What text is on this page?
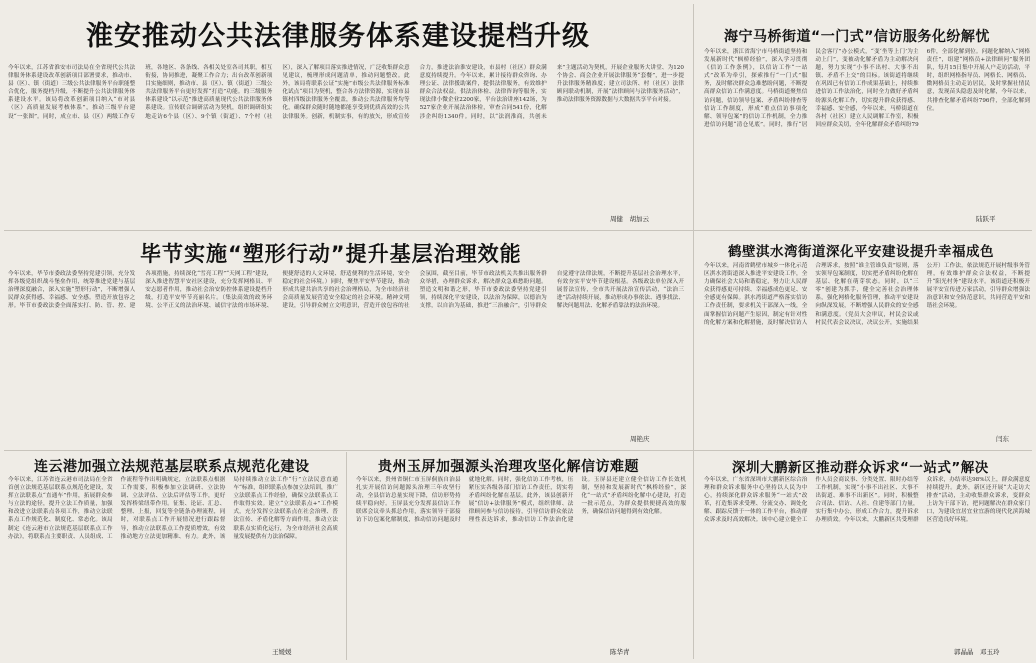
淮安推动公共法律服务体系建设提档升级
今年以来，江苏省淮安市司法局在全省现代公共法律服务体系建设改革创新项目部署要求，推动市、县（区）、镇（街道）三级公共法律服务平台职能整合优化，服务提档升级，不断提升公共法律服务体系建设水平。该局将改革创新项目纳入“市对县（区）高质量发展考核体系”，推动三级平台建设“一张图”。同时，成立市、县（区）两级工作专班，各地区、各条线、各相关处室各司其职，相互衔接，协同推进，凝聚工作合力；出台改革创新项目实施细则，推动市、县（区）、镇（街道）三级公共法律服务平台更好发挥“打造”功能。的三级服务体系建设“以示范”推进高质量现代公共法律服务体系建设。宣传联合调研活动为契机，组织调研组实地走访6个县（区）、9个镇（街道）、7个村（社区），深入了解项目落实推进情况，广泛收集群众意见建议，梳理形成问题清单，推动问题整改。此外，该局将联系公证“实施”市级公共法律服务标准化试点“项目为契机，整合各方法律资源，实现市县镇村四级法律服务全覆盖，推动公共法律服务均等化，确保群众随时随地都能享受到优质高效的公共法律服务。创新，机制实事，有的放矢，形成宣传合力，推进法治淮安建设，市县村（社区）群众满意度持续提升。今年以来，累计接待群众咨询、办理公证、法律援助案件，提供法律服务，有效维护群众合法权益。供法治体检、法律咨询等服务，实现法律小微企业2200家，平台法治讲座142场，为527家企业开展法治体检，审查合同541份，化解涉企纠纷1340件。同时，以“法润淮商，共创未来”主题活动为契机，开展企业服务大讲堂、为120个协会、商会企业开展法律服务“套餐”，进一步提升法律服务精准度；建立司法所、村（社区）法律顾问联动机制，开展“法律顾问与法律服务活动”，推动法律服务资源数据与大数据共享平台对接。
周健　胡加云
海宁马桥街道“一门式”信访服务化纷解忧
今年以来，浙江省海宁市马桥街道坚持和发展新时代“枫桥经验”，深入学习贯彻《信访工作条例》，以信访工作“一站式”改革为牵引，探索推行“一门式”服务，及时解决群众急难愁盼问题，不断提高群众信访工作满意度。马桥街道聚焦信访问题，信访领导包案、矛盾纠纷排查等信访工作制度，形成“重点信访事项化解、领导包案”的信访工作机制，全力推进信访问题“清仓见底”。同时，推行“居民会客厅”办公模式，“变‘坐等上门’为主动上门”，变被动化解矛盾为主动解决问题，努力实现“小事不出村、大事不出镇、矛盾不上交”的目标。该街道将继续在巩固已有信访工作成果基础上，持续推进信访工作法治化，同时全力做好矛盾纠纷源头化解工作，切实提升群众获得感、幸福感、安全感，今年以来，马桥街道在各村（社区）建立人民调解工作室，积极回应群众关切，全年化解群众矛盾纠纷796件，全部化解到位。问题化解纳入“网格责任”，组建“网格员+法律顾问”服务团队，每月15日集中开展人户走访活动，平时，组织网格指导员、网格长、网格员、微网格员主动走访居民，及时掌握社情民意，发现苗头隐患及时化解，今年以来，共排查化解矛盾纠纷796件，全部化解到位。
陆跃平
毕节实施“塑形行动”提升基层治理效能
今年以来，毕节市委政法委坚持党建引领，充分发挥各级党组织战斗堡垒作用，统筹推进党建与基层治理深度融合，深入实施“塑形行动”，不断增强人民群众获得感、幸福感、安全感。塑造开放包容之形。毕节市委政法委全面落实打、防、管、控、建各项措施，持续深化“雪亮工程”“天网工程”建设，深入推进智慧平安社区建设，充分发挥网格员、平安志愿者作用，推动社会治安防控体系建设提档升级，打造平安毕节亮丽名片。（集法高效的政务环境、公平正义的法治环境、诚信守法的市场环境、便捷舒适的人文环境、舒适便利的生活环境，安全稳定的社会环境。）同时，聚焦平安毕节建设，推动形成共建共治共享的社会治理格局，为全市经济社会高质量发展营造安全稳定的社会环境。精神文明建设，引导群众树立文明意识，营造开放包容的社会氛围，截至目前，毕节市政法机关共推出服务群众举措，办理群众诉求，解决群众急难愁盼问题。塑造文明和谐之形，毕节市委政法委坚持党建引领，持续深化平安建设，以法治为保障，以德治为支撑，以自治为基础，推进“三治融合”，引导群众自觉遵守法律法规，不断提升基层社会治理水平，有效夯实平安毕节建设根基。各级政法单位深入开展普法宣传，全市共开展法治宣传活动，“法治三进”活动持续开展，推动形成办事依法、遇事找法、解决问题用法、化解矛盾靠法的法治环境。
周艳庆
鹤壁淇水湾街道深化平安建设提升幸福成色
今年以来，河南省鹤壁市城乡一体化示范区淇水湾街道深入推进平安建设工作，全力确保社会大局和谐稳定，努力让人民群众获得感更可持续、幸福感成色更足、安全感更有保障。淇水湾街道严格落实信访工作责任制，要求机关干部深入一线，全面掌握信访问题产生原因，制定有针对性的化解方案和化解措施，及时解决信访人合理诉求，按照“谁主管谁负责”原则，落实领导包案制度，切实把矛盾纠纷化解在基层、化解在萌芽状态。同时，以“三零”创建为抓手，健全完善社会治理体系，强化网格化服务管理，推动平安建设向纵深发展，不断增强人民群众的安全感和满意度。（党员大会审议，村民会议或村民代表会议决议，决议公开，实施结果公开）工作法，依法规范开展村级事务管理，有效维护群众合法权益，不断提升“阳光村务”建设水平。该街道还积极开展平安宣传进万家活动，引导群众增强法治意识和安全防范意识，共同营造平安和谐社会环境。
闫东
连云港加强立法规范基层联系点规范化建设
今年以来，江苏省连云港市司法局在全省首创立法规范基层联系点规范化建设，发挥立法联系点“直通车”作用，拓展群众参与立法的途径，提升立法工作质量，加强和改进立法联系点各项工作，推动立法联系点工作规范化、制度化、常态化。该局制定《连云港市立法规范基层联系点工作办法》，将联系点主要职责、人员组成、工作流程等作出明确规定，立法联系点根据工作需要，积极参加立法调研、立法协调、立法评估、立法后评估等工作，更好发挥桥梁纽带作用。征集、论证、汇总、整理、上报，回复等全链条办理流程，同时，对联系点工作开展情况进行跟踪督导，推动立法联系点工作提质增效，有效推动地方立法更加精准、有力。此外，该局持续推动立法工作“行”立法民意直通车“标准，组织联系点参加立法培训，推广立法联系点工作经验，确保立法联系点工作取得实效。建立“立法联系点+”工作模式，充分发挥立法联系点在社会治理、普法宣传、矛盾化解等方面作用，推动立法联系点实质化运行，为全市经济社会高质量发展提供有力法治保障。
王媛媛
贵州玉屏加强源头治理攻坚化解信访难题
今年以来，贵州省铜仁市玉屏侗族自治县扎实开展信访问题源头治理三年攻坚行动，全县信访总量实现下降，信访形势持续平稳向好。玉屏县充分发挥县信访工作联席会议牵头抓总作用，落实领导干部接访下访包案化解制度，推动信访问题及时就地化解。同时，强化信访工作考核，压紧压实各级各部门信访工作责任，切实将矛盾纠纷化解在基层。此外，该县创新开展“信访+法律服务”模式，组织律师、法律顾问参与信访接待，引导信访群众依法理性表达诉求，推动信访工作法治化建设。玉屏县还建立健全信访工作长效机制，坚持和发展新时代“枫桥经验”，深化“一站式”矛盾纠纷化解中心建设，打造一批示范点，为群众提供便捷高效的服务，确保信访问题得到有效化解。
陈华青
深圳大鹏新区推动群众诉求“一站式”解决
今年以来，广东省深圳市大鹏新区综合治理和群众诉求服务中心坚持以人民为中心，持续深化群众诉求服务“一站式”改革，打造集诉求受理、分流交办、调处化解、跟踪反馈于一体的工作平台，推动群众诉求及时高效解决。该中心建立健全工作人员会商议事、分类处置、限时办结等工作机制，实现“小事不出社区、大事不出街道、难事不出新区”。同时，积极整合司法、信访、人社、住建等部门力量，实行集中办公，形成工作合力，提升诉求办理质效。今年以来，大鹏新区共受理群众诉求，办结率达98%以上，群众满意度持续提升。此外，新区还开展“大走访大排查”活动，主动收集群众诉求，变群众上访为干部下访，把问题解决在群众家门口，为建设宜居宜业宜游的现代化滨海城区营造良好环境。
郭晶晶　邓玉玲
